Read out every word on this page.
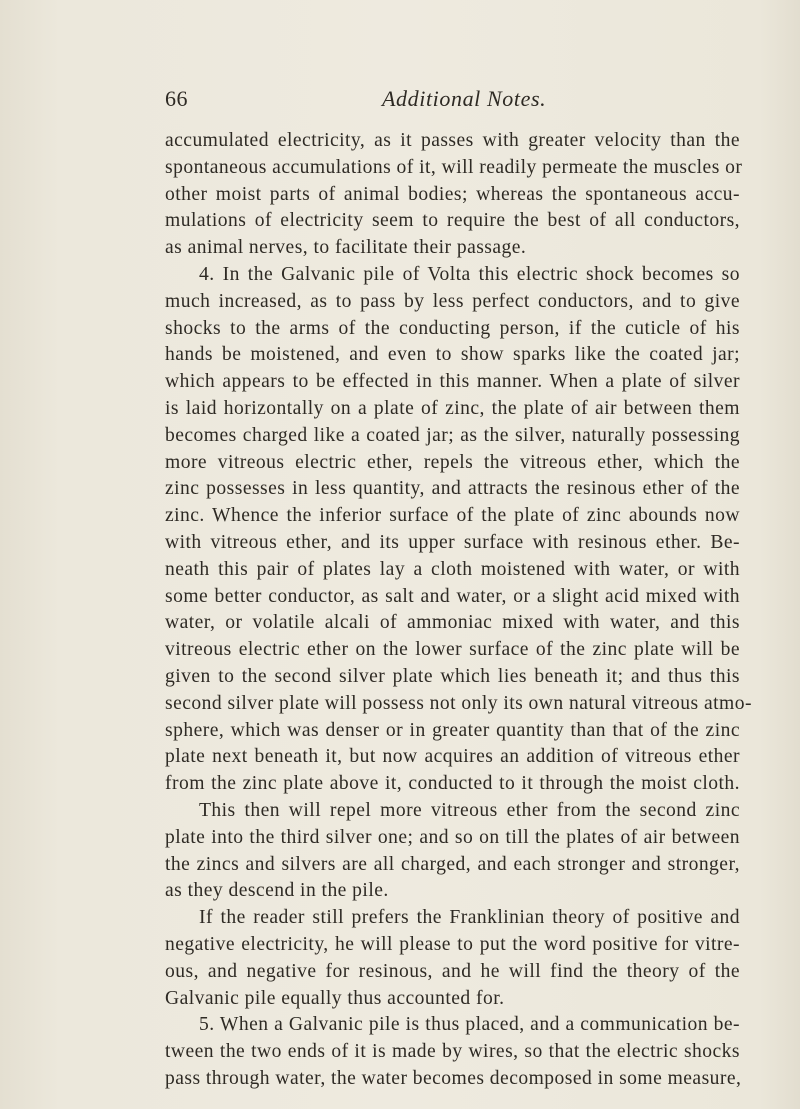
66	Additional Notes.
accumulated electricity, as it passes with greater velocity than the
spontaneous accumulations of it, will readily permeate the muscles or
other moist parts of animal bodies; whereas the spontaneous accu-
mulations of electricity seem to require the best of all conductors,
as animal nerves, to facilitate their passage.
4. In the Galvanic pile of Volta this electric shock becomes so
much increased, as to pass by less perfect conductors, and to give
shocks to the arms of the conducting person, if the cuticle of his
hands be moistened, and even to show sparks like the coated jar;
which appears to be effected in this manner. When a plate of silver
is laid horizontally on a plate of zinc, the plate of air between them
becomes charged like a coated jar; as the silver, naturally possessing
more vitreous electric ether, repels the vitreous ether, which the
zinc possesses in less quantity, and attracts the resinous ether of the
zinc. Whence the inferior surface of the plate of zinc abounds now
with vitreous ether, and its upper surface with resinous ether. Be-
neath this pair of plates lay a cloth moistened with water, or with
some better conductor, as salt and water, or a slight acid mixed with
water, or volatile alcali of ammoniac mixed with water, and this
vitreous electric ether on the lower surface of the zinc plate will be
given to the second silver plate which lies beneath it; and thus this
second silver plate will possess not only its own natural vitreous atmo-
sphere, which was denser or in greater quantity than that of the zinc
plate next beneath it, but now acquires an addition of vitreous ether
from the zinc plate above it, conducted to it through the moist cloth.
This then will repel more vitreous ether from the second zinc
plate into the third silver one; and so on till the plates of air between
the zincs and silvers are all charged, and each stronger and stronger,
as they descend in the pile.
If the reader still prefers the Franklinian theory of positive and
negative electricity, he will please to put the word positive for vitre-
ous, and negative for resinous, and he will find the theory of the
Galvanic pile equally thus accounted for.
5. When a Galvanic pile is thus placed, and a communication be-
tween the two ends of it is made by wires, so that the electric shocks
pass through water, the water becomes decomposed in some measure,
